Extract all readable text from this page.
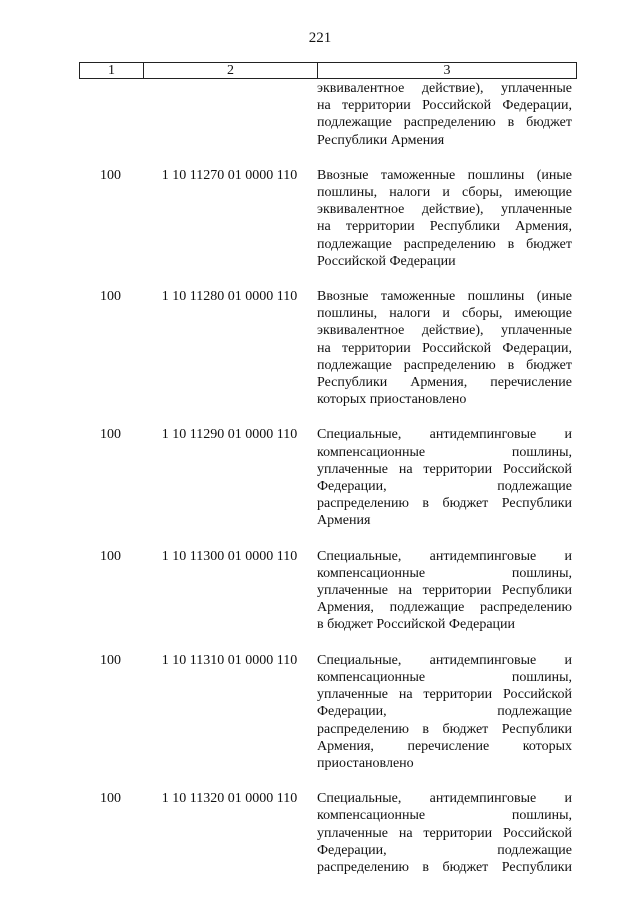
221
1	2	3

эквивалентное действие), уплаченные
на территории Российской Федерации,
подлежащие распределению в бюджет
Республики Армения

100	1 10 11270 01 0000 110	Ввозные таможенные пошлины (иные
пошлины, налоги и сборы, имеющие
эквивалентное действие), уплаченные
на территории Республики Армения,
подлежащие распределению в бюджет
Российской Федерации

100	1 10 11280 01 0000 110	Ввозные таможенные пошлины (иные
пошлины, налоги и сборы, имеющие
эквивалентное действие), уплаченные
на территории Российской Федерации,
подлежащие распределению в бюджет
Республики Армения, перечисление
которых приостановлено

100	1 10 11290 01 0000 110	Специальные, антидемпинговые и
компенсационные пошлины,
уплаченные на территории Российской
Федерации, подлежащие
распределению в бюджет Республики
Армения

100	1 10 11300 01 0000 110	Специальные, антидемпинговые и
компенсационные пошлины,
уплаченные на территории Республики
Армения, подлежащие распределению
в бюджет Российской Федерации

100	1 10 11310 01 0000 110	Специальные, антидемпинговые и
компенсационные пошлины,
уплаченные на территории Российской
Федерации, подлежащие
распределению в бюджет Республики
Армения, перечисление которых
приостановлено

100	1 10 11320 01 0000 110	Специальные, антидемпинговые и
компенсационные пошлины,
уплаченные на территории Российской
Федерации, подлежащие
распределению в бюджет Республики
